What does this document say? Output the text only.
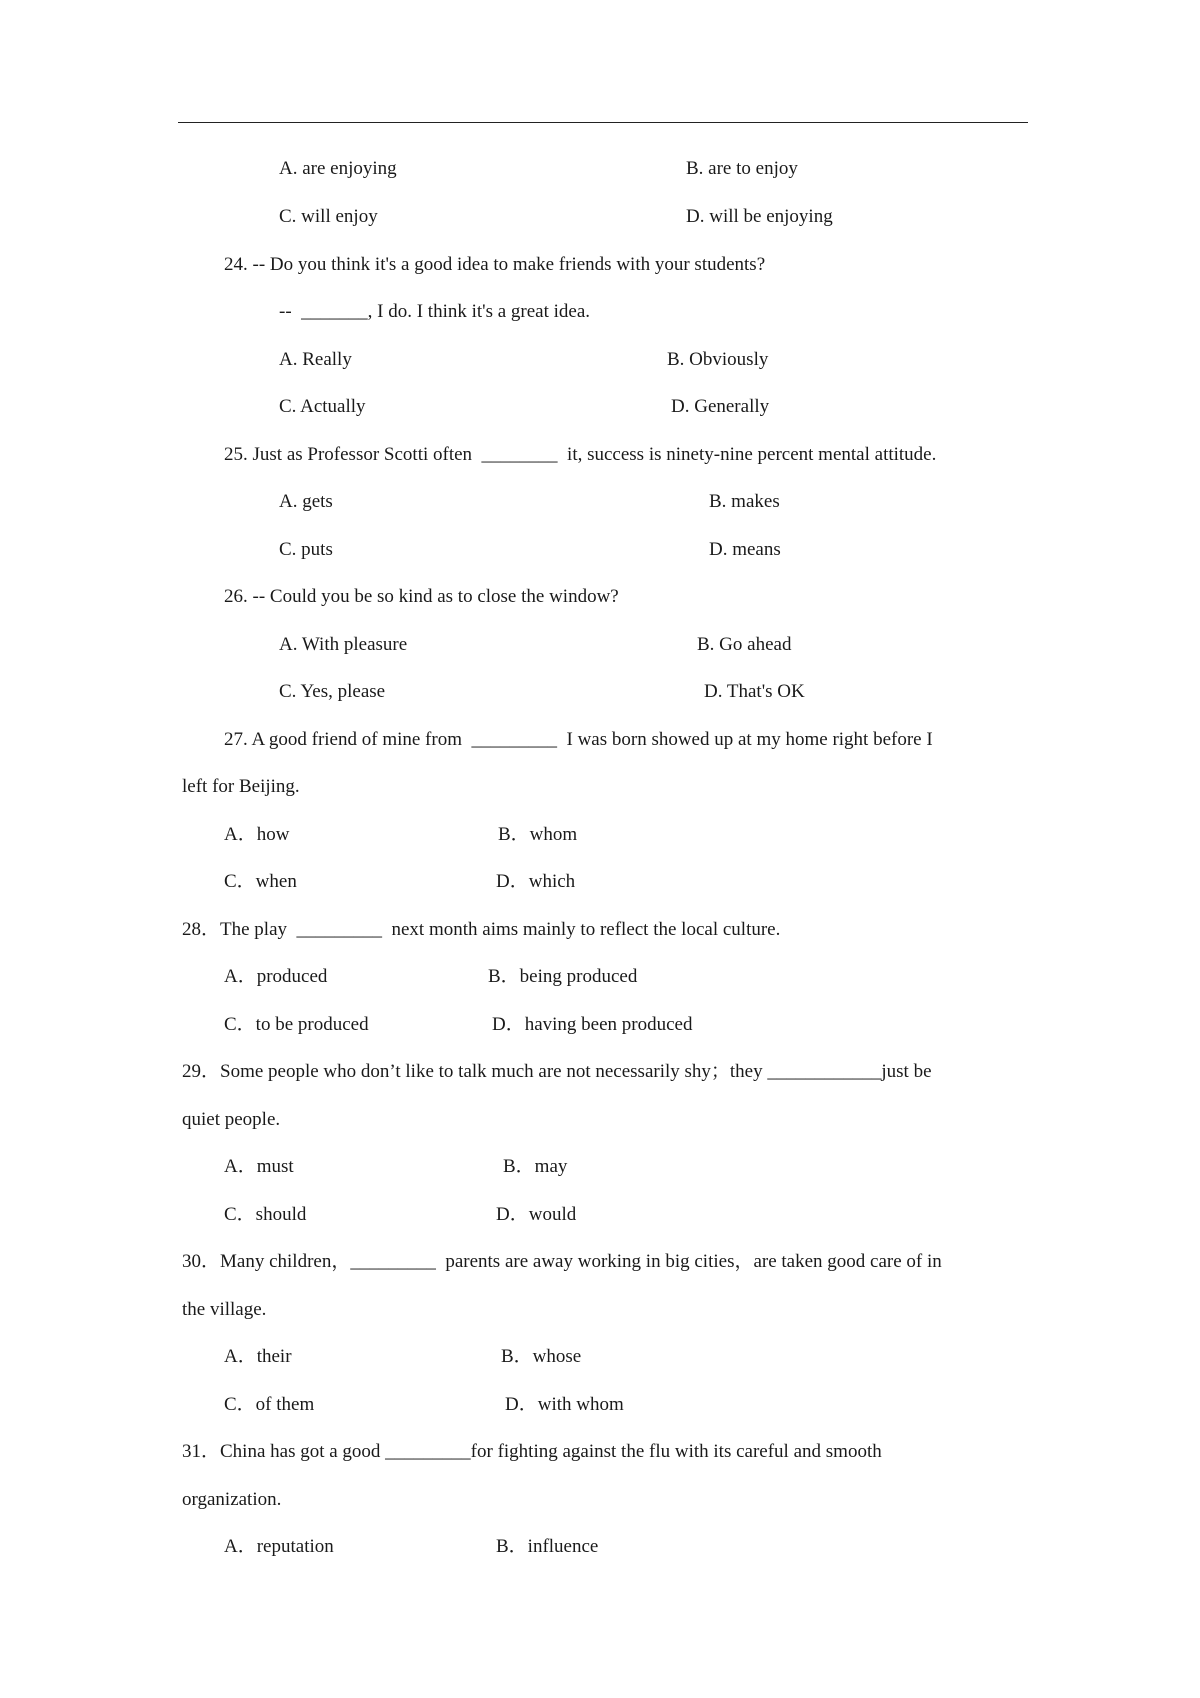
A. are enjoying	B. are to enjoy
C. will enjoy	D. will be enjoying
24. -- Do you think it's a good idea to make friends with your students?
--  _______, I do. I think it's a great idea.
A. Really	B. Obviously
C. Actually	D. Generally
25. Just as Professor Scotti often  ________  it, success is ninety-nine percent mental attitude.
A. gets	B. makes
C. puts	D. means
26. -- Could you be so kind as to close the window?
A. With pleasure	B. Go ahead
C. Yes, please	D. That's OK
27. A good friend of mine from  _________  I was born showed up at my home right before I
left for Beijing.
A．how	B．whom
C．when	D．which
28．The play  _________  next month aims mainly to reflect the local culture.
A．produced	B．being produced
C．to be produced	D．having been produced
29．Some people who don’t like to talk much are not necessarily shy；they ____________just be
quiet people.
A．must	B．may
C．should	D．would
30．Many children，_________  parents are away working in big cities，are taken good care of in
the village.
A．their	B．whose
C．of them	D．with whom
31．China has got a good _________for fighting against the flu with its careful and smooth
organization.
A．reputation	B．influence
